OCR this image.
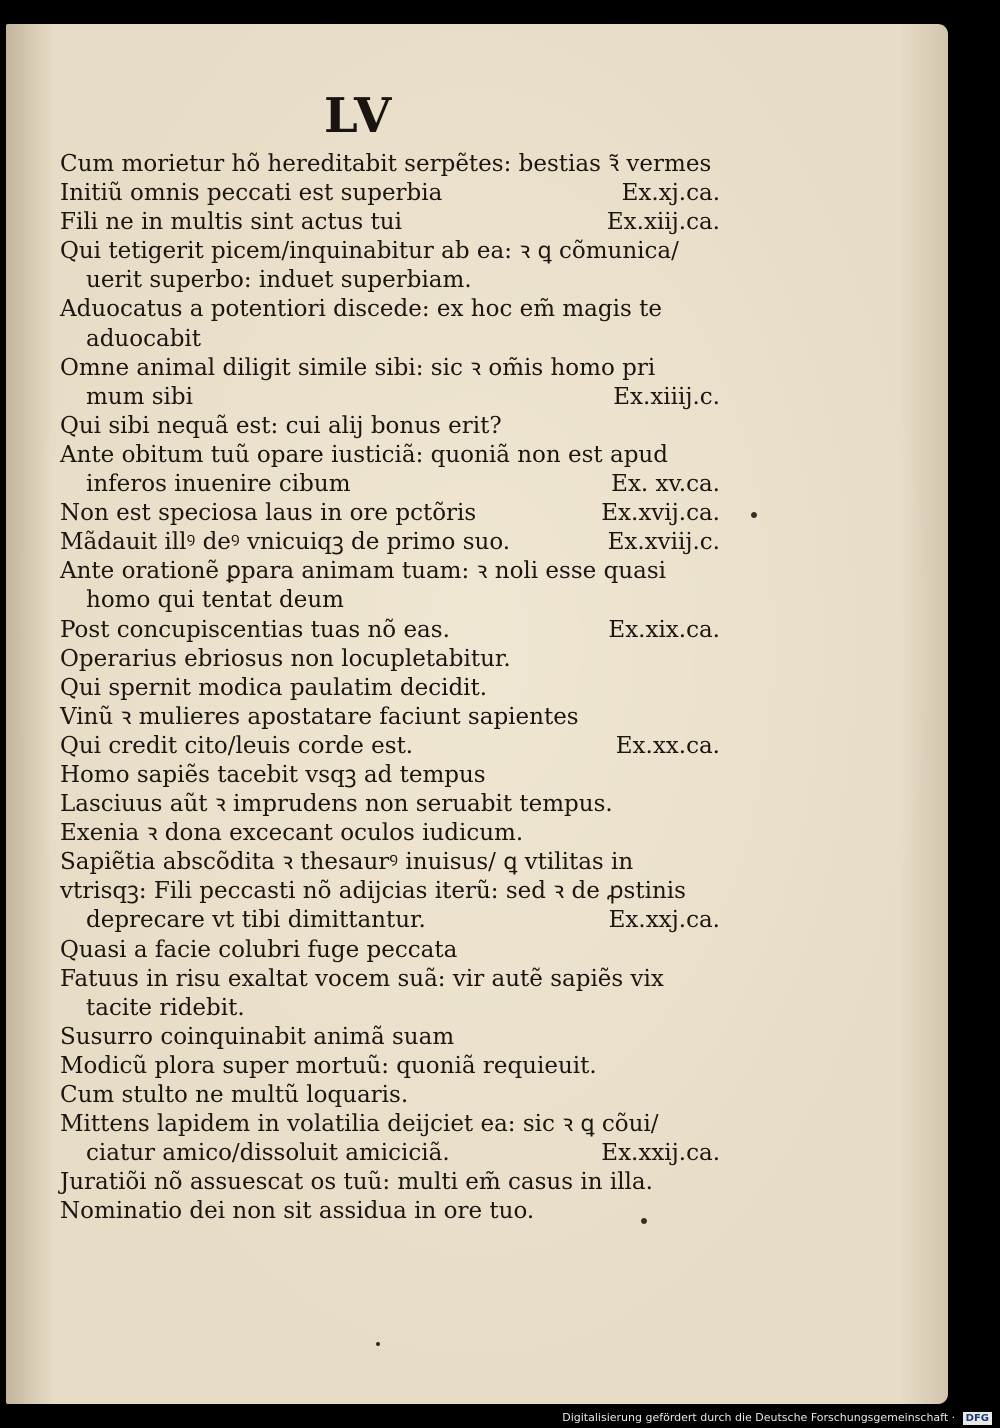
LV
Cum morietur hõ hereditabit serpẽtes: bestias ꝛ̃ vermes
Initiũ omnis peccati est superbia	Ex.xj.ca.
Fili ne in multis sint actus tui	Ex.xiij.ca.
Qui tetigerit picem/inquinabitur ab ea: ꝛ ꝗ cõmunica/
uerit superbo: induet superbiam.
Aduocatus a potentiori discede: ex hoc em̃ magis te
aduocabit
Omne animal diligit simile sibi: sic ꝛ om̃is homo pri
mum sibi	Ex.xiiij.c.
Qui sibi nequã est: cui alij bonus erit?
Ante obitum tuũ opare iusticiã: quoniã non est apud
inferos inuenire cibum	Ex. xv.ca.
Non est speciosa laus in ore pctõris	Ex.xvij.ca.
Mãdauit illꝰ deꝰ vnicuiqꝫ de primo suo.	Ex.xviij.c.
Ante orationẽ ꝑpara animam tuam: ꝛ noli esse quasi
homo qui tentat deum
Post concupiscentias tuas nõ eas.	Ex.xix.ca.
Operarius ebriosus non locupletabitur.
Qui spernit modica paulatim decidit.
Vinũ ꝛ mulieres apostatare faciunt sapientes
Qui credit cito/leuis corde est.	Ex.xx.ca.
Homo sapiẽs tacebit vsqꝫ ad tempus
Lasciuus aũt ꝛ imprudens non seruabit tempus.
Exenia ꝛ dona excecant oculos iudicum.
Sapiẽtia abscõdita ꝛ thesaurꝰ inuisus/ ꝗ vtilitas in
vtrisqꝫ: Fili peccasti nõ adijcias iterũ: sed ꝛ de ꝓstinis
deprecare vt tibi dimittantur.	Ex.xxj.ca.
Quasi a facie colubri fuge peccata
Fatuus in risu exaltat vocem suã: vir autẽ sapiẽs vix
tacite ridebit.
Susurro coinquinabit animã suam
Modicũ plora super mortuũ: quoniã requieuit.
Cum stulto ne multũ loquaris.
Mittens lapidem in volatilia deijciet ea: sic ꝛ ꝗ cõui/
ciatur amico/dissoluit amiciciã.	Ex.xxij.ca.
Juratiõi nõ assuescat os tuũ: multi em̃ casus in illa.
Nominatio dei non sit assidua in ore tuo.
Digitalisierung gefördert durch die Deutsche Forschungsgemeinschaft · DFG
